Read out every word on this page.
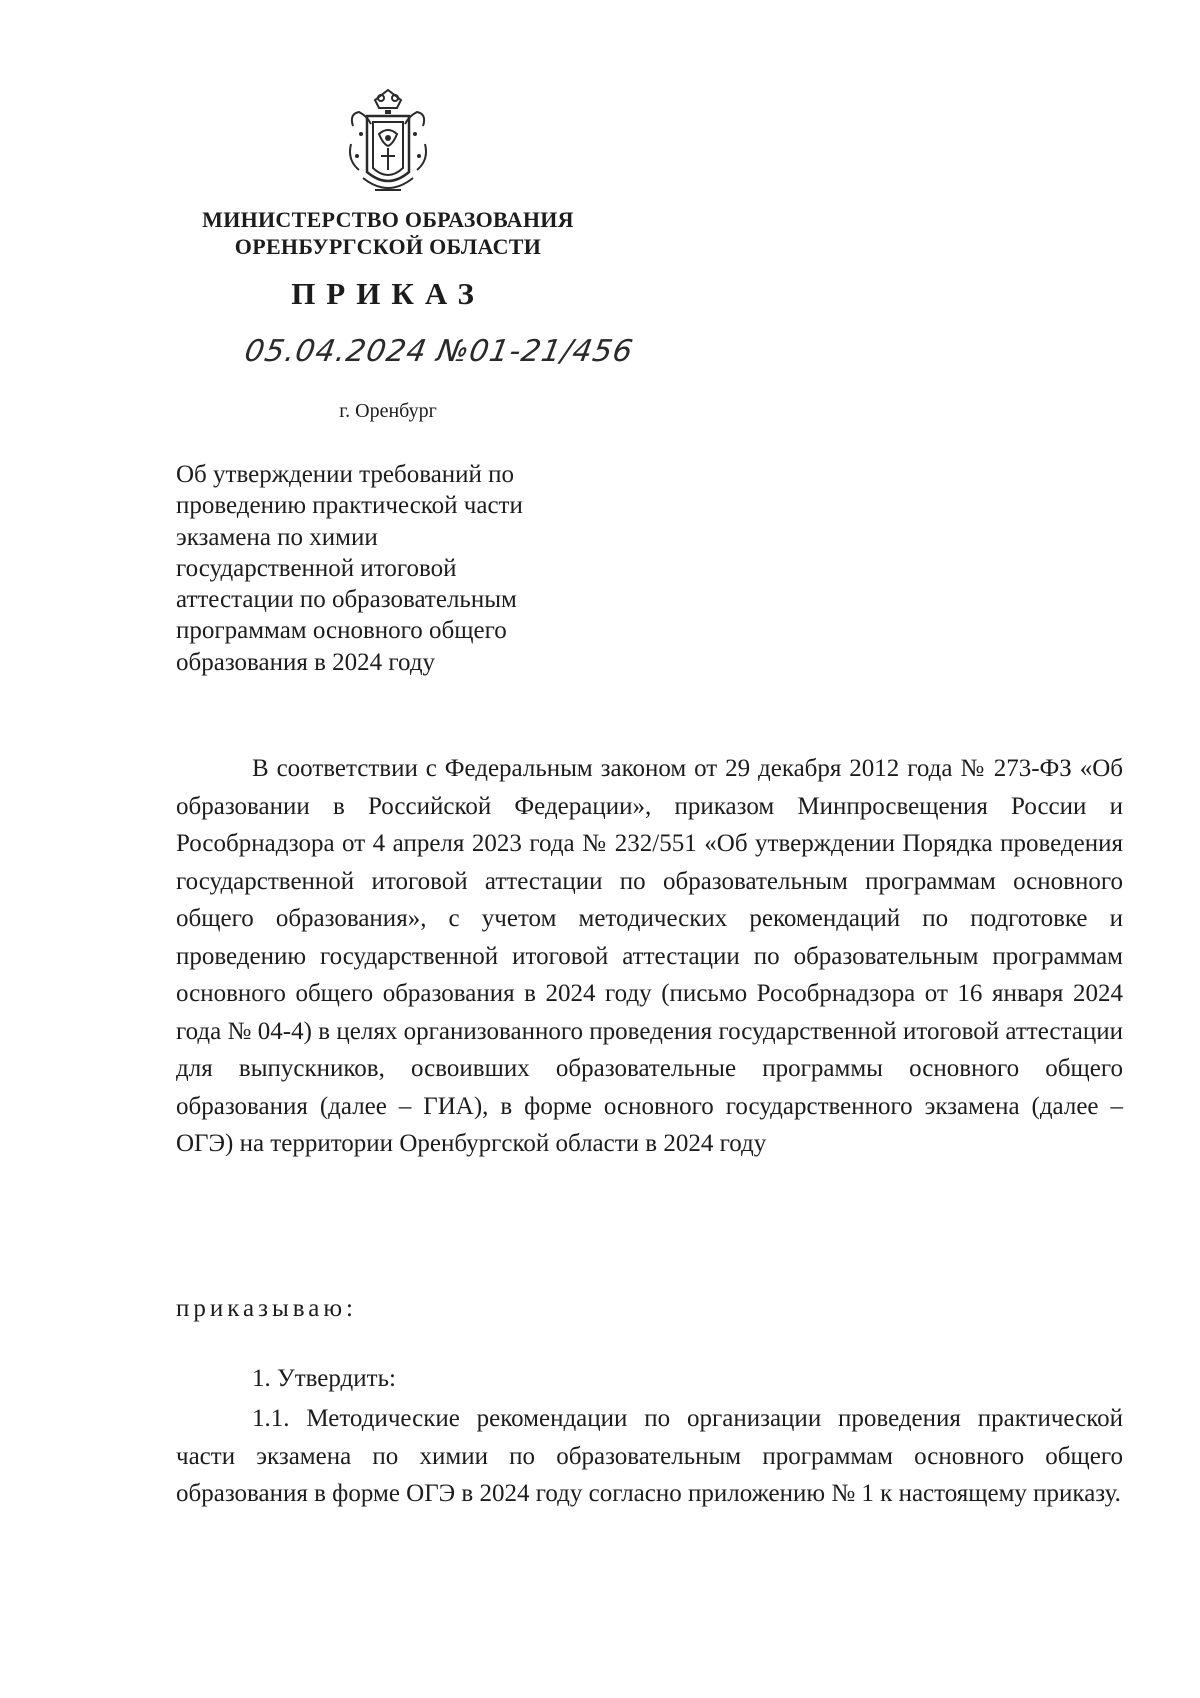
МИНИСТЕРСТВО ОБРАЗОВАНИЯ
ОРЕНБУРГСКОЙ ОБЛАСТИ
ПРИКАЗ
05.04.2024 №01-21/456
г. Оренбург
Об утверждении требований по
проведению практической части
экзамена по химии
государственной итоговой
аттестации по образовательным
программам основного общего
образования в 2024 году
В соответствии с Федеральным законом от 29 декабря 2012 года № 273-ФЗ «Об образовании в Российской Федерации», приказом Минпросвещения России и Рособрнадзора от 4 апреля 2023 года № 232/551 «Об утверждении Порядка проведения государственной итоговой аттестации по образовательным программам основного общего образования», с учетом методических рекомендаций по подготовке и проведению государственной итоговой аттестации по образовательным программам основного общего образования в 2024 году (письмо Рособрнадзора от 16 января 2024 года № 04-4) в целях организованного проведения государственной итоговой аттестации для выпускников, освоивших образовательные программы основного общего образования (далее – ГИА), в форме основного государственного экзамена (далее – ОГЭ) на территории Оренбургской области в 2024 году
приказываю:
1. Утвердить:
1.1. Методические рекомендации по организации проведения практической части экзамена по химии по образовательным программам основного общего образования в форме ОГЭ в 2024 году согласно приложению № 1 к настоящему приказу.
